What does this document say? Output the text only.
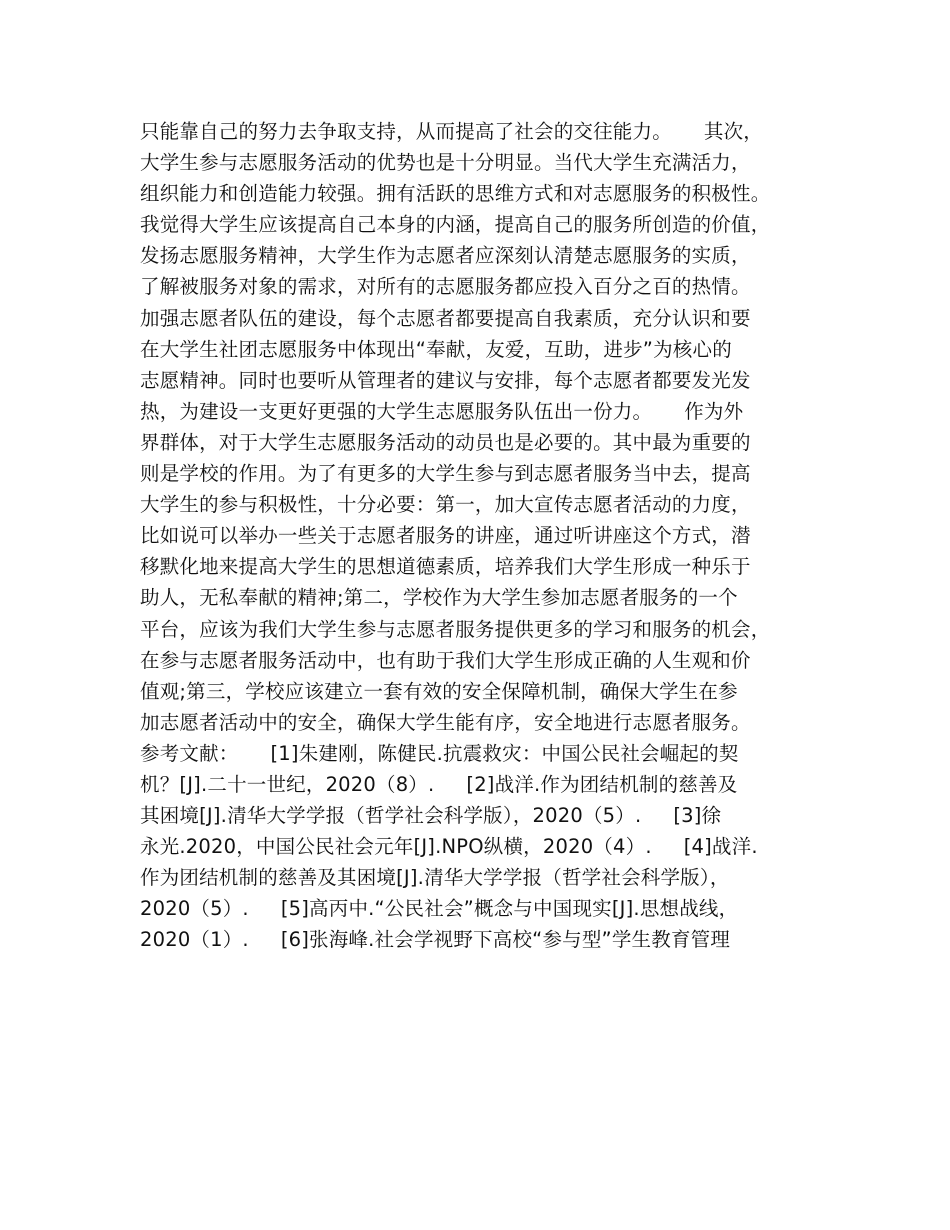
只能靠自己的努力去争取支持，从而提高了社会的交往能力。     其次，
大学生参与志愿服务活动的优势也是十分明显。当代大学生充满活力，
组织能力和创造能力较强。拥有活跃的思维方式和对志愿服务的积极性。
我觉得大学生应该提高自己本身的内涵，提高自己的服务所创造的价值，
发扬志愿服务精神，大学生作为志愿者应深刻认清楚志愿服务的实质，
了解被服务对象的需求，对所有的志愿服务都应投入百分之百的热情。
加强志愿者队伍的建设，每个志愿者都要提高自我素质，充分认识和要
在大学生社团志愿服务中体现出“奉献，友爱，互助，进步”为核心的
志愿精神。同时也要听从管理者的建议与安排，每个志愿者都要发光发
热，为建设一支更好更强的大学生志愿服务队伍出一份力。     作为外
界群体，对于大学生志愿服务活动的动员也是必要的。其中最为重要的
则是学校的作用。为了有更多的大学生参与到志愿者服务当中去，提高
大学生的参与积极性，十分必要：第一，加大宣传志愿者活动的力度，
比如说可以举办一些关于志愿者服务的讲座，通过听讲座这个方式，潜
移默化地来提高大学生的思想道德素质，培养我们大学生形成一种乐于
助人，无私奉献的精神;第二，学校作为大学生参加志愿者服务的一个
平台，应该为我们大学生参与志愿者服务提供更多的学习和服务的机会，
在参与志愿者服务活动中，也有助于我们大学生形成正确的人生观和价
值观;第三，学校应该建立一套有效的安全保障机制，确保大学生在参
加志愿者活动中的安全，确保大学生能有序，安全地进行志愿者服务。
参考文献：     [1]朱建刚，陈健民.抗震救灾：中国公民社会崛起的契
机？[J].二十一世纪，2020（8）.     [2]战洋.作为团结机制的慈善及
其困境[J].清华大学学报（哲学社会科学版），2020（5）.     [3]徐
永光.2020，中国公民社会元年[J].NPO纵横，2020（4）.     [4]战洋.
作为团结机制的慈善及其困境[J].清华大学学报（哲学社会科学版），
2020（5）.     [5]高丙中.“公民社会”概念与中国现实[J].思想战线，
2020（1）.     [6]张海峰.社会学视野下高校“参与型”学生教育管理
